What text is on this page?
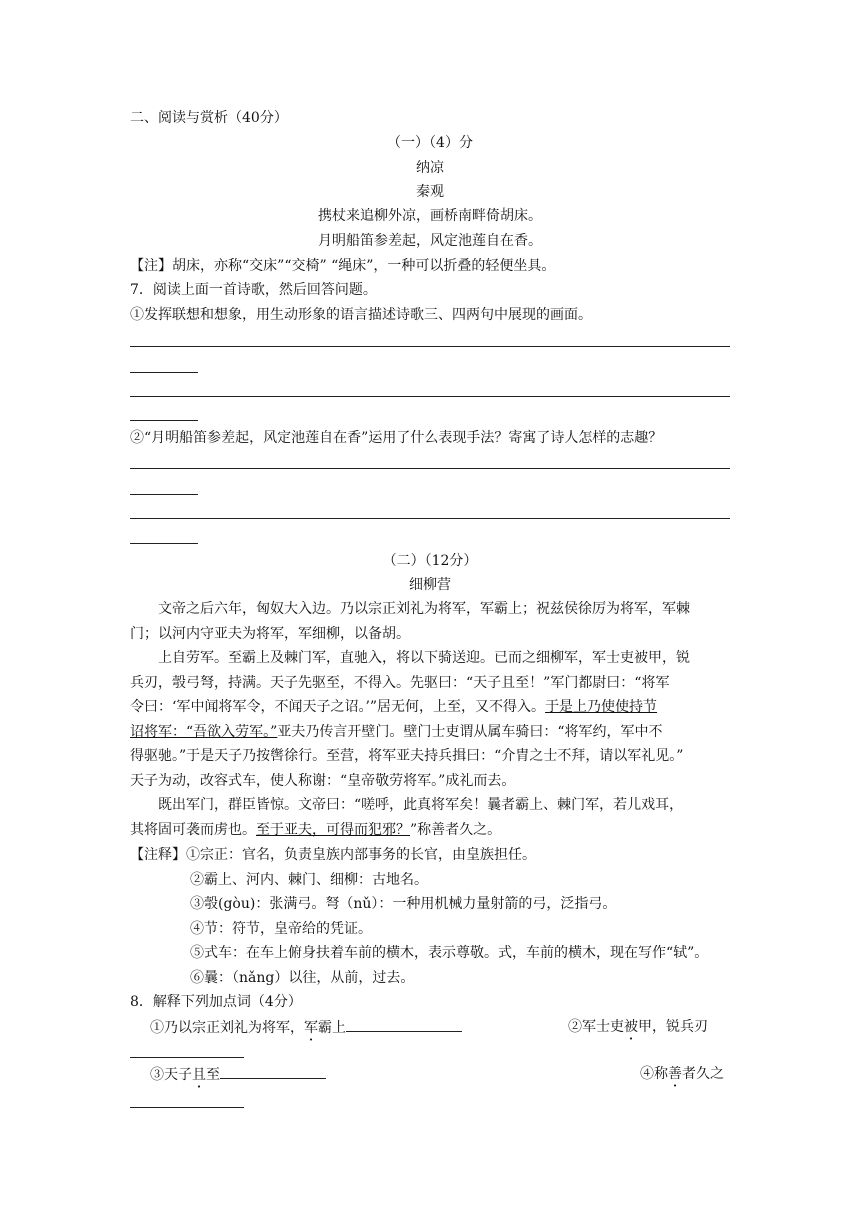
二、阅读与赏析（40分）
（一）（4）分
纳凉
秦观
携杖来追柳外凉，画桥南畔倚胡床。
月明船笛参差起，风定池莲自在香。
【注】胡床，亦称“交床”“交椅” “绳床”，一种可以折叠的轻便坐具。
7．阅读上面一首诗歌，然后回答问题。
①发挥联想和想象，用生动形象的语言描述诗歌三、四两句中展现的画面。
②“月明船笛参差起，风定池莲自在香”运用了什么表现手法？寄寓了诗人怎样的志趣？
（二）（12分）
细柳营
文帝之后六年，匈奴大入边。乃以宗正刘礼为将军，军霸上；祝兹侯徐厉为将军，军棘
门；以河内守亚夫为将军，军细柳，以备胡。
上自劳军。至霸上及棘门军，直驰入，将以下骑送迎。已而之细柳军，军士吏被甲，锐
兵刃，彀弓弩，持满。天子先驱至，不得入。先驱曰：“天子且至！”军门都尉曰：“将军
令曰：‘军中闻将军令，不闻天子之诏。’”居无何，上至，又不得入。于是上乃使使持节
诏将军：“吾欲入劳军。”亚夫乃传言开壁门。壁门士吏谓从属车骑曰：“将军约，军中不
得驱驰。”于是天子乃按辔徐行。至营，将军亚夫持兵揖曰：“介胄之士不拜，请以军礼见。”
天子为动，改容式车，使人称谢：“皇帝敬劳将军。”成礼而去。
既出军门，群臣皆惊。文帝曰：“嗟呼，此真将军矣！曩者霸上、棘门军，若儿戏耳，
其将固可袭而虏也。至于亚夫，可得而犯邪？”称善者久之。
【注释】①宗正：官名，负责皇族内部事务的长官，由皇族担任。
②霸上、河内、棘门、细柳：古地名。
③彀(gòu)：张满弓。弩（nǔ）：一种用机械力量射箭的弓，泛指弓。
④节：符节，皇帝给的凭证。
⑤式车：在车上俯身扶着车前的横木，表示尊敬。式，车前的横木，现在写作“轼”。
⑥曩：（nǎng）以往，从前，过去。
8．解释下列加点词（4分）
①乃以宗正刘礼为将军，军霸上	②军士吏被甲，锐兵刃
③天子且至	④称善者久之
